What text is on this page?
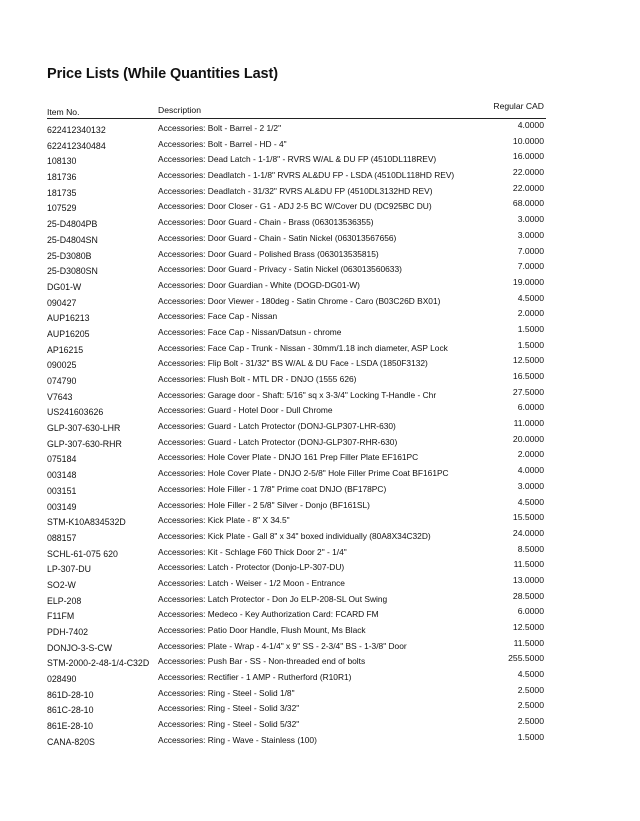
Price Lists (While Quantities Last)
Item No.	Description	Regular CAD
622412340132	Accessories: Bolt - Barrel - 2 1/2"	4.0000
622412340484	Accessories: Bolt - Barrel - HD - 4"	10.0000
108130	Accessories: Dead Latch - 1-1/8" - RVRS W/AL & DU FP (4510DL118REV)	16.0000
181736	Accessories: Deadlatch - 1-1/8" RVRS AL&DU FP - LSDA (4510DL118HD REV)	22.0000
181735	Accessories: Deadlatch - 31/32" RVRS AL&DU FP (4510DL3132HD REV)	22.0000
107529	Accessories: Door Closer - G1 - ADJ 2-5 BC W/Cover DU (DC925BC DU)	68.0000
25-D4804PB	Accessories: Door Guard - Chain - Brass (063013536355)	3.0000
25-D4804SN	Accessories: Door Guard - Chain - Satin Nickel (063013567656)	3.0000
25-D3080B	Accessories: Door Guard - Polished Brass (063013535815)	7.0000
25-D3080SN	Accessories: Door Guard - Privacy - Satin Nickel (063013560633)	7.0000
DG01-W	Accessories: Door Guardian - White (DOGD-DG01-W)	19.0000
090427	Accessories: Door Viewer - 180deg - Satin Chrome - Caro (B03C26D BX01)	4.5000
AUP16213	Accessories: Face Cap - Nissan	2.0000
AUP16205	Accessories: Face Cap - Nissan/Datsun - chrome	1.5000
AP16215	Accessories: Face Cap - Trunk - Nissan - 30mm/1.18 inch diameter, ASP Lock	1.5000
090025	Accessories: Flip Bolt - 31/32" BS W/AL & DU Face - LSDA (1850F3132)	12.5000
074790	Accessories: Flush Bolt - MTL DR - DNJO (1555 626)	16.5000
V7643	Accessories: Garage door - Shaft: 5/16" sq x 3-3/4" Locking T-Handle - Chr	27.5000
US241603626	Accessories: Guard - Hotel Door - Dull Chrome	6.0000
GLP-307-630-LHR	Accessories: Guard - Latch Protector (DONJ-GLP307-LHR-630)	11.0000
GLP-307-630-RHR	Accessories: Guard - Latch Protector (DONJ-GLP307-RHR-630)	20.0000
075184	Accessories: Hole Cover Plate - DNJO 161 Prep Filler Plate EF161PC	2.0000
003148	Accessories: Hole Cover Plate - DNJO 2-5/8" Hole Filler Prime Coat BF161PC	4.0000
003151	Accessories: Hole Filler - 1 7/8" Prime coat DNJO (BF178PC)	3.0000
003149	Accessories: Hole Filler - 2 5/8" Silver - Donjo (BF161SL)	4.5000
STM-K10A834532D	Accessories: Kick Plate - 8" X 34.5"	15.5000
088157	Accessories: Kick Plate - Gall 8" x 34" boxed individually (80A8X34C32D)	24.0000
SCHL-61-075 620	Accessories: Kit - Schlage F60 Thick Door 2" - 1/4"	8.5000
LP-307-DU	Accessories: Latch - Protector (Donjo-LP-307-DU)	11.5000
SO2-W	Accessories: Latch - Weiser - 1/2 Moon - Entrance	13.0000
ELP-208	Accessories: Latch Protector - Don Jo ELP-208-SL Out Swing	28.5000
F11FM	Accessories: Medeco - Key Authorization Card: FCARD FM	6.0000
PDH-7402	Accessories: Patio Door Handle, Flush Mount, Ms Black	12.5000
DONJO-3-S-CW	Accessories: Plate - Wrap - 4-1/4" x 9" SS - 2-3/4" BS - 1-3/8" Door	11.5000
STM-2000-2-48-1/4-C32D Accessories: Push Bar - SS - Non-threaded end of bolts	255.5000
028490	Accessories: Rectifier - 1 AMP - Rutherford (R10R1)	4.5000
861D-28-10	Accessories: Ring - Steel - Solid 1/8"	2.5000
861C-28-10	Accessories: Ring - Steel - Solid 3/32"	2.5000
861E-28-10	Accessories: Ring - Steel - Solid 5/32"	2.5000
CANA-820S	Accessories: Ring - Wave - Stainless (100)	1.5000
